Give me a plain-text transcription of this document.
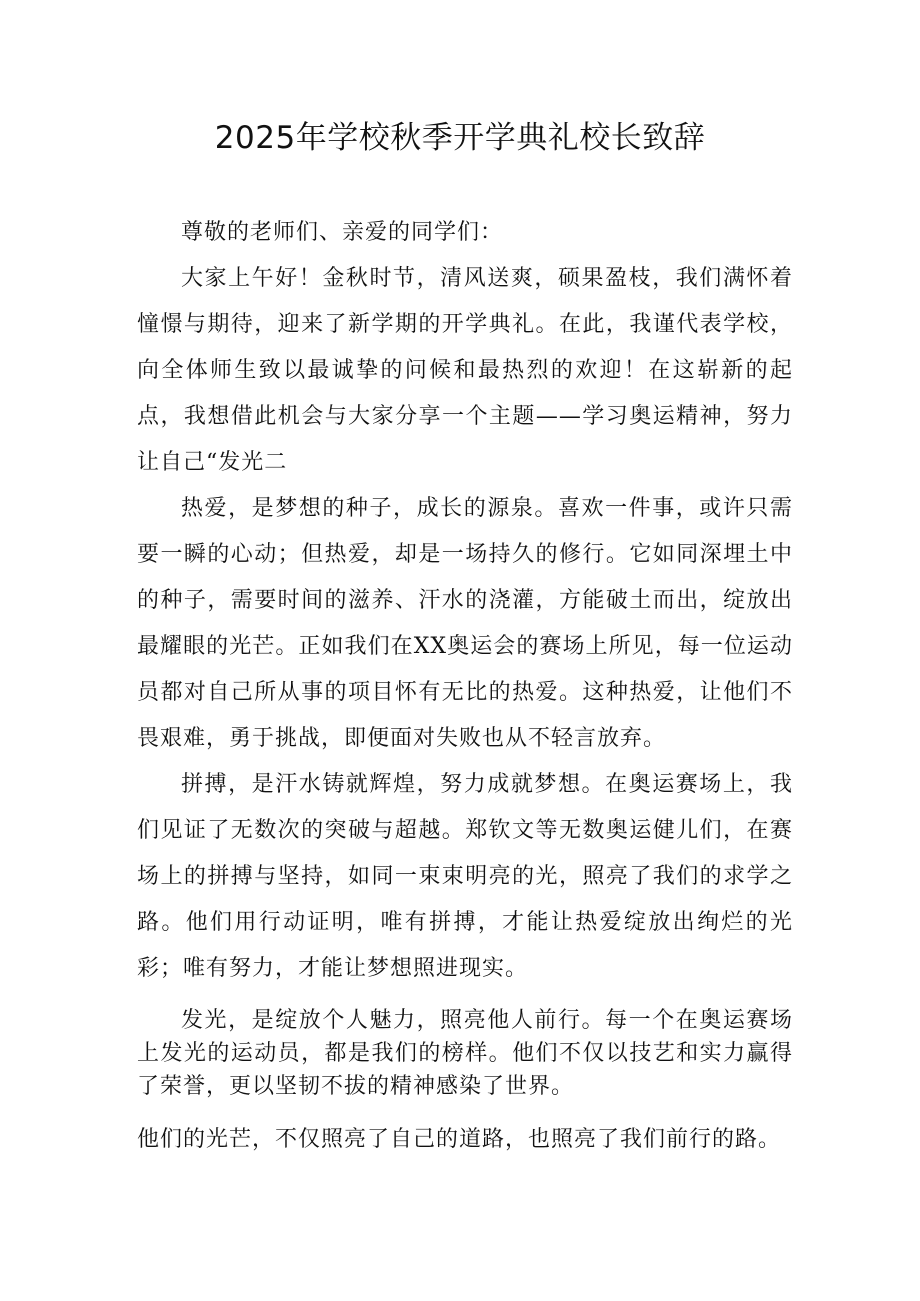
2025年学校秋季开学典礼校长致辞

尊敬的老师们、亲爱的同学们：

大家上午好！金秋时节，清风送爽，硕果盈枝，我们满怀着憧憬与期待，迎来了新学期的开学典礼。在此，我谨代表学校，向全体师生致以最诚挚的问候和最热烈的欢迎！在这崭新的起点，我想借此机会与大家分享一个主题——学习奥运精神，努力让自己“发光二

热爱，是梦想的种子，成长的源泉。喜欢一件事，或许只需要一瞬的心动；但热爱，却是一场持久的修行。它如同深埋土中的种子，需要时间的滋养、汗水的浇灌，方能破土而出，绽放出最耀眼的光芒。正如我们在XX奥运会的赛场上所见，每一位运动员都对自己所从事的项目怀有无比的热爱。这种热爱，让他们不畏艰难，勇于挑战，即便面对失败也从不轻言放弃。

拼搏，是汗水铸就辉煌，努力成就梦想。在奥运赛场上，我们见证了无数次的突破与超越。郑钦文等无数奥运健儿们，在赛场上的拼搏与坚持，如同一束束明亮的光，照亮了我们的求学之路。他们用行动证明，唯有拼搏，才能让热爱绽放出绚烂的光彩；唯有努力，才能让梦想照进现实。

发光，是绽放个人魅力，照亮他人前行。每一个在奥运赛场上发光的运动员，都是我们的榜样。他们不仅以技艺和实力赢得了荣誉，更以坚韧不拔的精神感染了世界。

他们的光芒，不仅照亮了自己的道路，也照亮了我们前行的路。
